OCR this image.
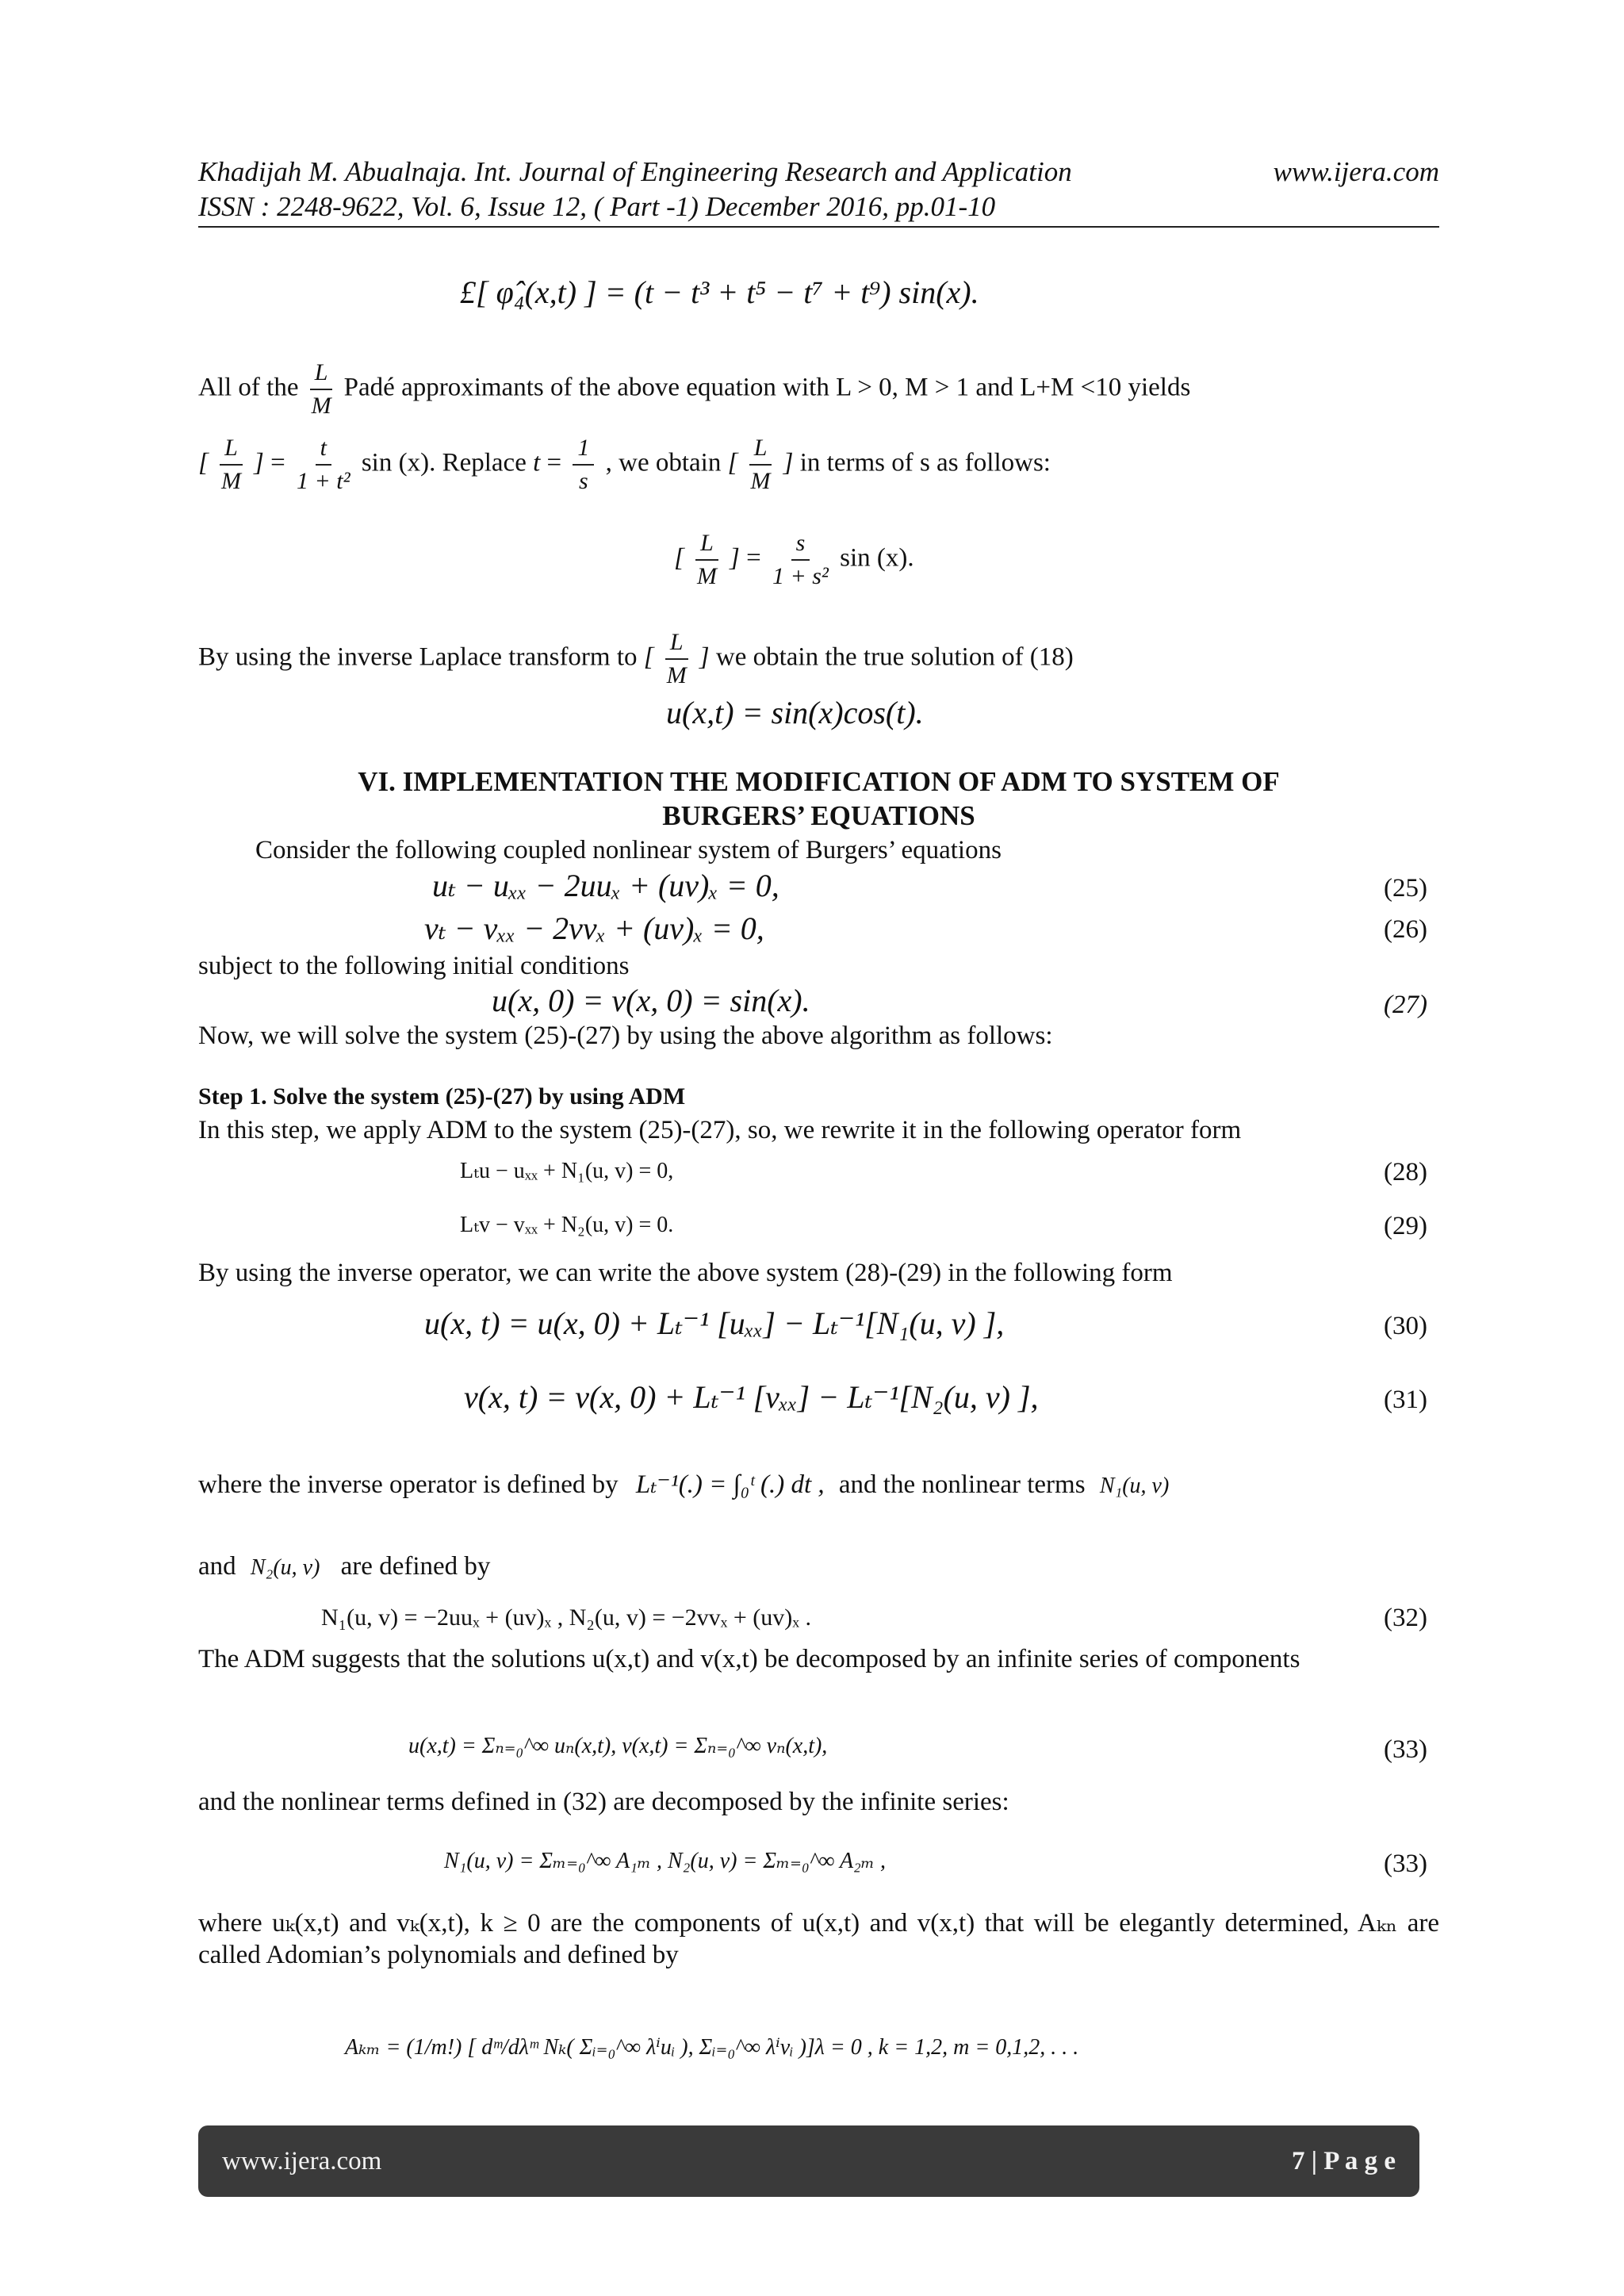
Khadijah M. Abualnaja. Int. Journal of Engineering Research and Application	www.ijera.com
ISSN : 2248-9622, Vol. 6, Issue 12, ( Part -1) December 2016, pp.01-10
£[ φ̂₄(x,t) ] = (t − t³ + t⁵ − t⁷ + t⁹) sin(x).
All of the $\frac{L}{M}$ Padé approximants of the above equation with L > 0, M > 1 and L+M <10 yields
[ $\frac{L}{M}$ ] = $\frac{t}{\text{1 + t²}}$ sin (x). Replace $t = \frac{1}{s}$ , we obtain [ $\frac{L}{M}$ ] in terms of s as follows:
[ $\frac{L}{M}$ ] = $\frac{s}{\text{1 + s²}}$ sin (x).
By using the inverse Laplace transform to [ $\frac{L}{M}$ ] we obtain the true solution of (18)
u(x,t) = sin(x)cos(t).
VI. IMPLEMENTATION THE MODIFICATION OF ADM TO SYSTEM OF
BURGERS’ EQUATIONS
Consider the following coupled nonlinear system of Burgers’ equations
uₜ − uₓₓ − 2uuₓ + (uv)ₓ = 0,	(25)
vₜ − vₓₓ − 2vvₓ + (uv)ₓ = 0,	(26)
subject to the following initial conditions
u(x, 0) = v(x, 0) = sin(x).	(27)
Now, we will solve the system (25)-(27) by using the above algorithm as follows:
Step 1. Solve the system (25)-(27) by using ADM
In this step, we apply ADM to the system (25)-(27), so, we rewrite it in the following operator form
Lₜu − uₓₓ + N₁(u, v) = 0,	(28)
Lₜv − vₓₓ + N₂(u, v) = 0.	(29)
By using the inverse operator, we can write the above system (28)-(29) in the following form
u(x, t) = u(x, 0) + Lₜ⁻¹ [uₓₓ] − Lₜ⁻¹[N₁(u, v) ],	(30)
v(x, t) = v(x, 0) + Lₜ⁻¹ [vₓₓ] − Lₜ⁻¹[N₂(u, v) ],	(31)
where the inverse operator is defined by Lₜ⁻¹(.) = ∫₀ᵗ (.) dt , and the nonlinear terms N₁(u, v)
and N₂(u, v) are defined by
N₁(u, v) = −2uuₓ + (uv)ₓ , N₂(u, v) = −2vvₓ + (uv)ₓ .	(32)
The ADM suggests that the solutions u(x,t) and v(x,t) be decomposed by an infinite series of components
u(x,t) = Σₙ₌₀^∞ uₙ(x,t), v(x,t) = Σₙ₌₀^∞ vₙ(x,t),	(33)
and the nonlinear terms defined in (32) are decomposed by the infinite series:
N₁(u, v) = Σₘ₌₀^∞ A₁ₘ , N₂(u, v) = Σₘ₌₀^∞ A₂ₘ ,	(33)
where uₖ(x,t) and vₖ(x,t), k ≥ 0 are the components of u(x,t) and v(x,t) that will be elegantly determined, Aₖₙ are called Adomian’s polynomials and defined by
Aₖₘ = (1/m!) [ dᵐ/dλᵐ Nₖ( Σᵢ₌₀^∞ λⁱuᵢ ), Σᵢ₌₀^∞ λⁱvᵢ )]λ = 0 , k = 1,2, m = 0,1,2, . . .
www.ijera.com	7 | P a g e
